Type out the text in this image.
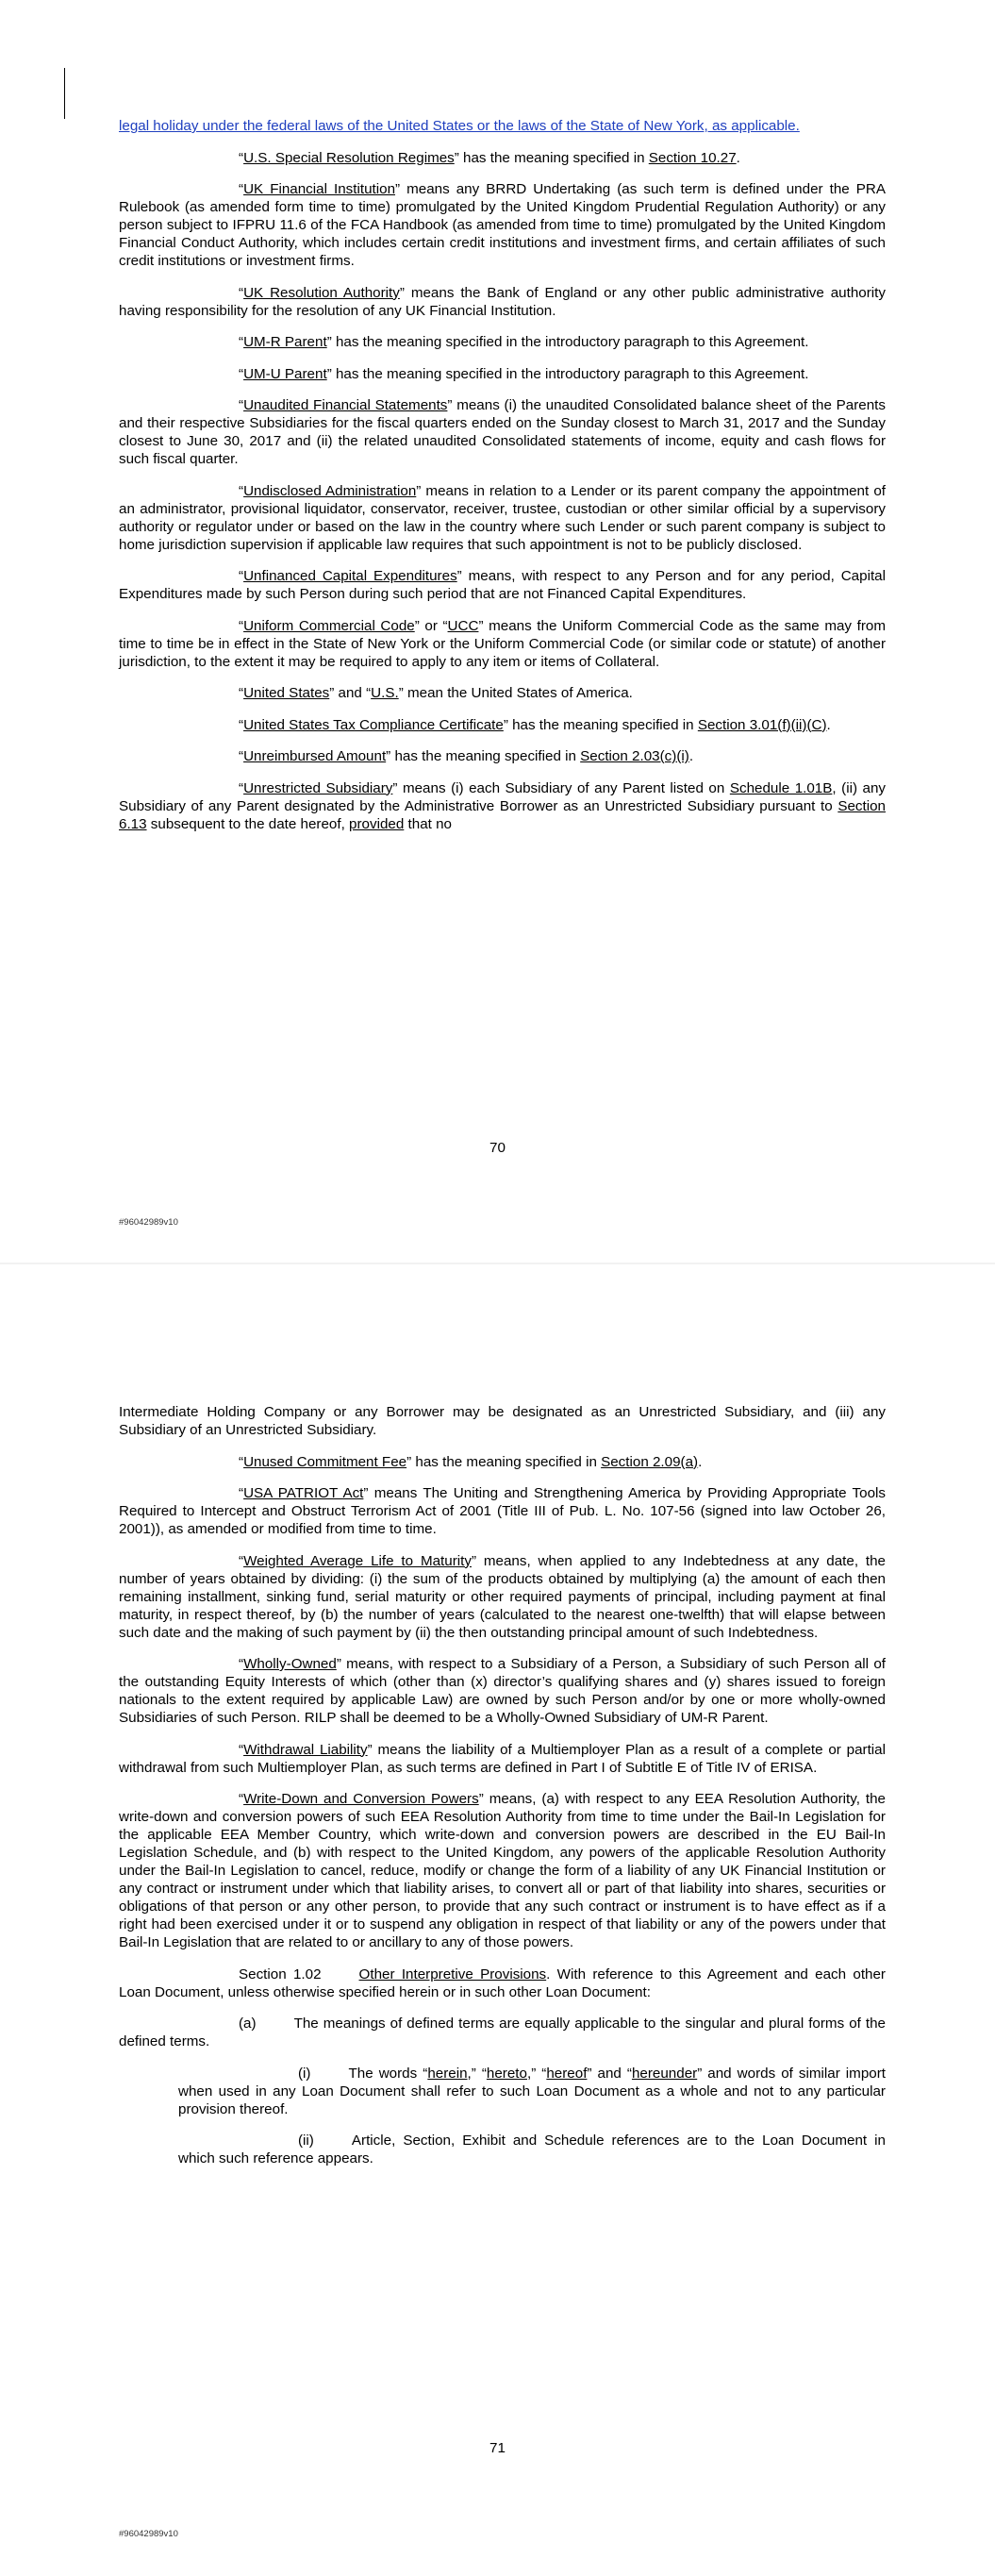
legal holiday under the federal laws of the United States or the laws of the State of New York, as applicable.

“U.S. Special Resolution Regimes” has the meaning specified in Section 10.27.

“UK Financial Institution” means any BRRD Undertaking (as such term is defined under the PRA Rulebook (as amended form time to time) promulgated by the United Kingdom Prudential Regulation Authority) or any person subject to IFPRU 11.6 of the FCA Handbook (as amended from time to time) promulgated by the United Kingdom Financial Conduct Authority, which includes certain credit institutions and investment firms, and certain affiliates of such credit institutions or investment firms.

“UK Resolution Authority” means the Bank of England or any other public administrative authority having responsibility for the resolution of any UK Financial Institution.

“UM-R Parent” has the meaning specified in the introductory paragraph to this Agreement.

“UM-U Parent” has the meaning specified in the introductory paragraph to this Agreement.

“Unaudited Financial Statements” means (i) the unaudited Consolidated balance sheet of the Parents and their respective Subsidiaries for the fiscal quarters ended on the Sunday closest to March 31, 2017 and the Sunday closest to June 30, 2017 and (ii) the related unaudited Consolidated statements of income, equity and cash flows for such fiscal quarter.

“Undisclosed Administration” means in relation to a Lender or its parent company the appointment of an administrator, provisional liquidator, conservator, receiver, trustee, custodian or other similar official by a supervisory authority or regulator under or based on the law in the country where such Lender or such parent company is subject to home jurisdiction supervision if applicable law requires that such appointment is not to be publicly disclosed.

“Unfinanced Capital Expenditures” means, with respect to any Person and for any period, Capital Expenditures made by such Person during such period that are not Financed Capital Expenditures.

“Uniform Commercial Code” or “UCC” means the Uniform Commercial Code as the same may from time to time be in effect in the State of New York or the Uniform Commercial Code (or similar code or statute) of another jurisdiction, to the extent it may be required to apply to any item or items of Collateral.

“United States” and “U.S.” mean the United States of America.

“United States Tax Compliance Certificate” has the meaning specified in Section 3.01(f)(ii)(C).

“Unreimbursed Amount” has the meaning specified in Section 2.03(c)(i).

“Unrestricted Subsidiary” means (i) each Subsidiary of any Parent listed on Schedule 1.01B, (ii) any Subsidiary of any Parent designated by the Administrative Borrower as an Unrestricted Subsidiary pursuant to Section 6.13 subsequent to the date hereof, provided that no

70
#96042989v10

Intermediate Holding Company or any Borrower may be designated as an Unrestricted Subsidiary, and (iii) any Subsidiary of an Unrestricted Subsidiary.

“Unused Commitment Fee” has the meaning specified in Section 2.09(a).

“USA PATRIOT Act” means The Uniting and Strengthening America by Providing Appropriate Tools Required to Intercept and Obstruct Terrorism Act of 2001 (Title III of Pub. L. No. 107-56 (signed into law October 26, 2001)), as amended or modified from time to time.

“Weighted Average Life to Maturity” means, when applied to any Indebtedness at any date, the number of years obtained by dividing: (i) the sum of the products obtained by multiplying (a) the amount of each then remaining installment, sinking fund, serial maturity or other required payments of principal, including payment at final maturity, in respect thereof, by (b) the number of years (calculated to the nearest one-twelfth) that will elapse between such date and the making of such payment by (ii) the then outstanding principal amount of such Indebtedness.

“Wholly-Owned” means, with respect to a Subsidiary of a Person, a Subsidiary of such Person all of the outstanding Equity Interests of which (other than (x) director’s qualifying shares and (y) shares issued to foreign nationals to the extent required by applicable Law) are owned by such Person and/or by one or more wholly-owned Subsidiaries of such Person. RILP shall be deemed to be a Wholly-Owned Subsidiary of UM-R Parent.

“Withdrawal Liability” means the liability of a Multiemployer Plan as a result of a complete or partial withdrawal from such Multiemployer Plan, as such terms are defined in Part I of Subtitle E of Title IV of ERISA.

“Write-Down and Conversion Powers” means, (a) with respect to any EEA Resolution Authority, the write-down and conversion powers of such EEA Resolution Authority from time to time under the Bail-In Legislation for the applicable EEA Member Country, which write-down and conversion powers are described in the EU Bail-In Legislation Schedule, and (b) with respect to the United Kingdom, any powers of the applicable Resolution Authority under the Bail-In Legislation to cancel, reduce, modify or change the form of a liability of any UK Financial Institution or any contract or instrument under which that liability arises, to convert all or part of that liability into shares, securities or obligations of that person or any other person, to provide that any such contract or instrument is to have effect as if a right had been exercised under it or to suspend any obligation in respect of that liability or any of the powers under that Bail-In Legislation that are related to or ancillary to any of those powers.

Section 1.02	Other Interpretive Provisions. With reference to this Agreement and each other Loan Document, unless otherwise specified herein or in such other Loan Document:

(a)	The meanings of defined terms are equally applicable to the singular and plural forms of the defined terms.

(i)	The words “herein,” “hereto,” “hereof” and “hereunder” and words of similar import when used in any Loan Document shall refer to such Loan Document as a whole and not to any particular provision thereof.

(ii)	Article, Section, Exhibit and Schedule references are to the Loan Document in which such reference appears.

71
#96042989v10
